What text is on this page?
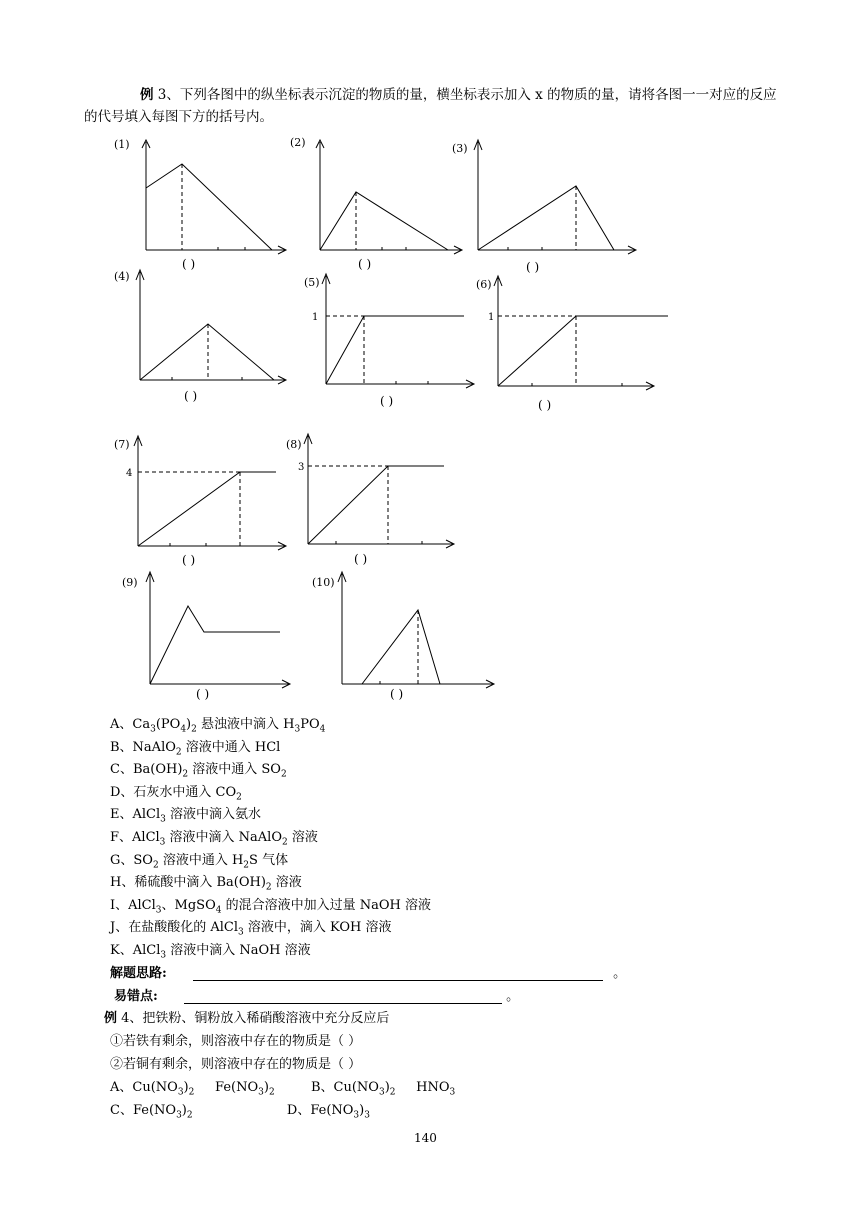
例 3、下列各图中的纵坐标表示沉淀的物质的量，横坐标表示加入 x 的物质的量，请将各图一一对应的反应的代号填入每图下方的括号内。
(1)
( )
(2)
( )
(3)
( )
(4)
( )
(5)
1
( )
(6)
1
( )
(7)
4
( )
(8)
3
( )
(9)
( )
(10)
( )
A、$Ca_3(PO_4)_2$ 悬浊液中滴入 $H_3PO_4$
B、NaAlO$_2$ 溶液中通入 HCl
C、$Ba(OH)_2$ 溶液中通入 $SO_2$
D、石灰水中通入 $CO_2$
E、AlCl$_3$ 溶液中滴入氨水
F、AlCl$_3$ 溶液中滴入 NaAlO$_2$ 溶液
G、$SO_2$ 溶液中通入 $H_2S$ 气体
H、稀硫酸中滴入 $Ba(OH)_2$ 溶液
I、AlCl$_3$、MgSO$_4$ 的混合溶液中加入过量 NaOH 溶液
J、在盐酸酸化的 AlCl$_3$ 溶液中，滴入 KOH 溶液
K、AlCl$_3$ 溶液中滴入 NaOH 溶液
解题思路:	。
易错点:	。
例 4、把铁粉、铜粉放入稀硝酸溶液中充分反应后
①若铁有剩余，则溶液中存在的物质是（ ）
②若铜有剩余，则溶液中存在的物质是（ ）
A、$Cu(NO_3)_2$     $Fe(NO_3)_2$	B、$Cu(NO_3)_2$     $HNO_3$
C、$Fe(NO_3)_2$	D、$Fe(NO_3)_3$
140
